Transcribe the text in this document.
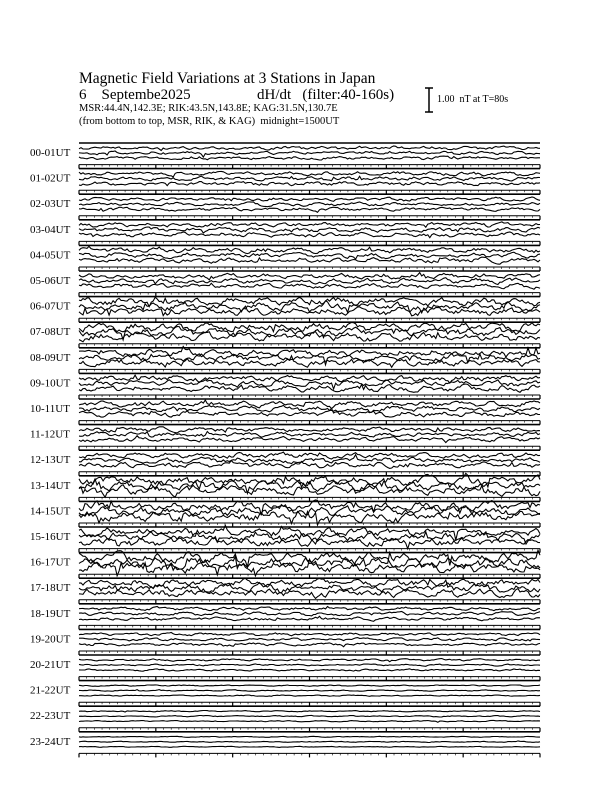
Magnetic Field Variations at 3 Stations in Japan
6 Septembe2025	dH/dt   (filter:40-160s)
MSR:44.4N,142.3E; RIK:43.5N,143.8E; KAG:31.5N,130.7E
(from bottom to top, MSR, RIK, & KAG)  midnight=1500UT
1.00  nT at T=80s
00-01UT
01-02UT
02-03UT
03-04UT
04-05UT
05-06UT
06-07UT
07-08UT
08-09UT
09-10UT
10-11UT
11-12UT
12-13UT
13-14UT
14-15UT
15-16UT
16-17UT
17-18UT
18-19UT
19-20UT
20-21UT
21-22UT
22-23UT
23-24UT
